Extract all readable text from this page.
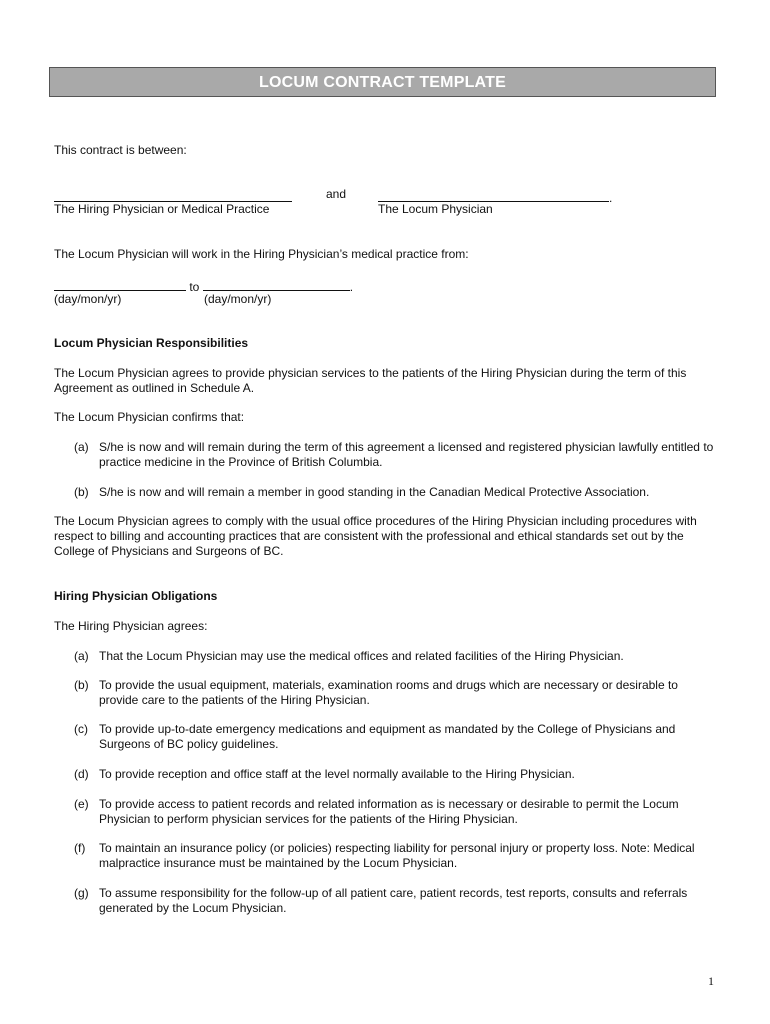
LOCUM CONTRACT TEMPLATE
This contract is between:
and	.
The Hiring Physician or Medical Practice	The Locum Physician
The Locum Physician will work in the Hiring Physician’s medical practice from:
to	.
(day/mon/yr)	(day/mon/yr)
Locum Physician Responsibilities
The Locum Physician agrees to provide physician services to the patients of the Hiring Physician during the term of this Agreement as outlined in Schedule A.
The Locum Physician confirms that:
(a) S/he is now and will remain during the term of this agreement a licensed and registered physician lawfully entitled to practice medicine in the Province of British Columbia.
(b) S/he is now and will remain a member in good standing in the Canadian Medical Protective Association.
The Locum Physician agrees to comply with the usual office procedures of the Hiring Physician including procedures with respect to billing and accounting practices that are consistent with the professional and ethical standards set out by the College of Physicians and Surgeons of BC.
Hiring Physician Obligations
The Hiring Physician agrees:
(a) That the Locum Physician may use the medical offices and related facilities of the Hiring Physician.
(b) To provide the usual equipment, materials, examination rooms and drugs which are necessary or desirable to provide care to the patients of the Hiring Physician.
(c) To provide up-to-date emergency medications and equipment as mandated by the College of Physicians and Surgeons of BC policy guidelines.
(d) To provide reception and office staff at the level normally available to the Hiring Physician.
(e) To provide access to patient records and related information as is necessary or desirable to permit the Locum Physician to perform physician services for the patients of the Hiring Physician.
(f)	To maintain an insurance policy (or policies) respecting liability for personal injury or property loss. Note: Medical malpractice insurance must be maintained by the Locum Physician.
(g) To assume responsibility for the follow-up of all patient care, patient records, test reports, consults and referrals generated by the Locum Physician.
1
